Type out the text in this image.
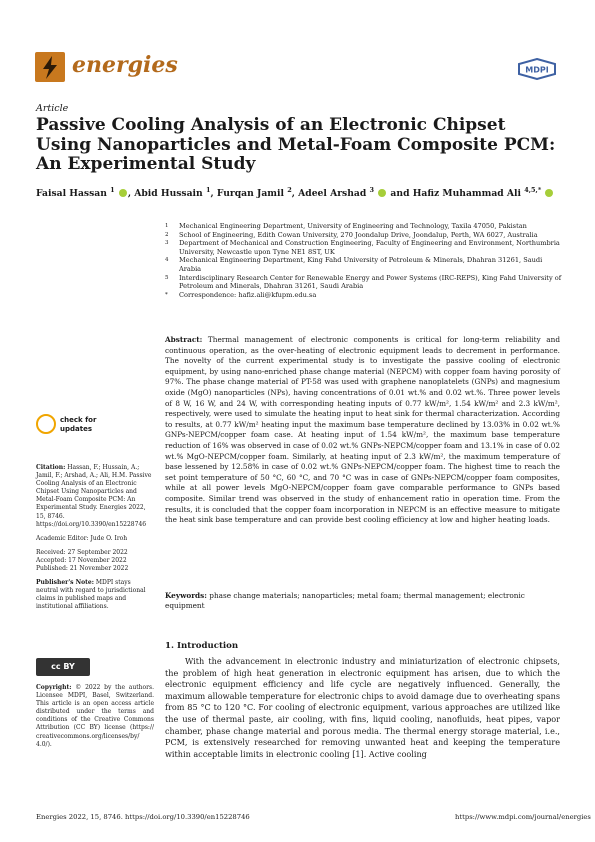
energies	MDPI
Article
Passive Cooling Analysis of an Electronic Chipset Using Nanoparticles and Metal-Foam Composite PCM: An Experimental Study
Faisal Hassan $^1$ , Abid Hussain $^1$, Furqan Jamil $^2$, Adeel Arshad $^3$  and Hafiz Muhammad Ali $^{4,5,*}$
1	Mechanical Engineering Department, University of Engineering and Technology, Taxila 47050, Pakistan
2	School of Engineering, Edith Cowan University, 270 Joondalup Drive, Joondalup, Perth, WA 6027, Australia
3	Department of Mechanical and Construction Engineering, Faculty of Engineering and Environment, Northumbria University, Newcastle upon Tyne NE1 8ST, UK
4	Mechanical Engineering Department, King Fahd University of Petroleum & Minerals, Dhahran 31261, Saudi Arabia
5	Interdisciplinary Research Center for Renewable Energy and Power Systems (IRC-REPS), King Fahd University of Petroleum and Minerals, Dhahran 31261, Saudi Arabia
*	Correspondence: hafiz.ali@kfupm.edu.sa
Abstract: Thermal management of electronic components is critical for long-term reliability and continuous operation, as the over-heating of electronic equipment leads to decrement in performance. The novelty of the current experimental study is to investigate the passive cooling of electronic equipment, by using nano-enriched phase change material (NEPCM) with copper foam having porosity of 97%. The phase change material of PT-58 was used with graphene nanoplatelets (GNPs) and magnesium oxide (MgO) nanoparticles (NPs), having concentrations of 0.01 wt.% and 0.02 wt.%. Three power levels of 8 W, 16 W, and 24 W, with corresponding heating inputs of 0.77 kW/m², 1.54 kW/m² and 2.3 kW/m², respectively, were used to simulate the heating input to heat sink for thermal characterization. According to results, at 0.77 kW/m² heating input the maximum base temperature declined by 13.03% in 0.02 wt.% GNPs-NEPCM/copper foam case. At heating input of 1.54 kW/m², the maximum base temperature reduction of 16% was observed in case of 0.02 wt.% GNPs-NEPCM/copper foam and 13.1% in case of 0.02 wt.% MgO-NEPCM/copper foam. Similarly, at heating input of 2.3 kW/m², the maximum temperature of base lessened by 12.58% in case of 0.02 wt.% GNPs-NEPCM/copper foam. The highest time to reach the set point temperature of 50 °C, 60 °C, and 70 °C was in case of GNPs-NEPCM/copper foam composites, while at all power levels MgO-NEPCM/copper foam gave comparable performance to GNPs based composite. Similar trend was observed in the study of enhancement ratio in operation time. From the results, it is concluded that the copper foam incorporation in NEPCM is an effective measure to mitigate the heat sink base temperature and can provide best cooling efficiency at low and higher heating loads.
Keywords: phase change materials; nanoparticles; metal foam; thermal management; electronic equipment
1. Introduction
With the advancement in electronic industry and miniaturization of electronic chipsets, the problem of high heat generation in electronic equipment has arisen, due to which the electronic equipment efficiency and life cycle are negatively influenced. Generally, the maximum allowable temperature for electronic chips to avoid damage due to overheating spans from 85 °C to 120 °C. For cooling of electronic equipment, various approaches are utilized like the use of thermal paste, air cooling, with fins, liquid cooling, nanofluids, heat pipes, vapor chamber, phase change material and porous media. The thermal energy storage material, i.e., PCM, is extensively researched for removing unwanted heat and keeping the temperature within acceptable limits in electronic cooling [1]. Active cooling
check for
updates

Citation: Hassan, F.; Hussain, A.; Jamil, F.; Arshad, A.; Ali, H.M. Passive Cooling Analysis of an Electronic Chipset Using Nanoparticles and Metal-Foam Composite PCM: An Experimental Study. Energies 2022, 15, 8746. https://doi.org/10.3390/en15228746

Academic Editor: Jude O. Iroh

Received: 27 September 2022
Accepted: 17 November 2022

Published: 21 November 2022

Publisher's Note: MDPI stays neutral with regard to jurisdictional claims in published maps and institutional affiliations.

cc BY
Copyright: © 2022 by the authors. Licensee MDPI, Basel, Switzerland. This article is an open access article distributed under the terms and conditions of the Creative Commons Attribution (CC BY) license (https:// creativecommons.org/licenses/by/ 4.0/).
Energies 2022, 15, 8746. https://doi.org/10.3390/en15228746	https://www.mdpi.com/journal/energies
